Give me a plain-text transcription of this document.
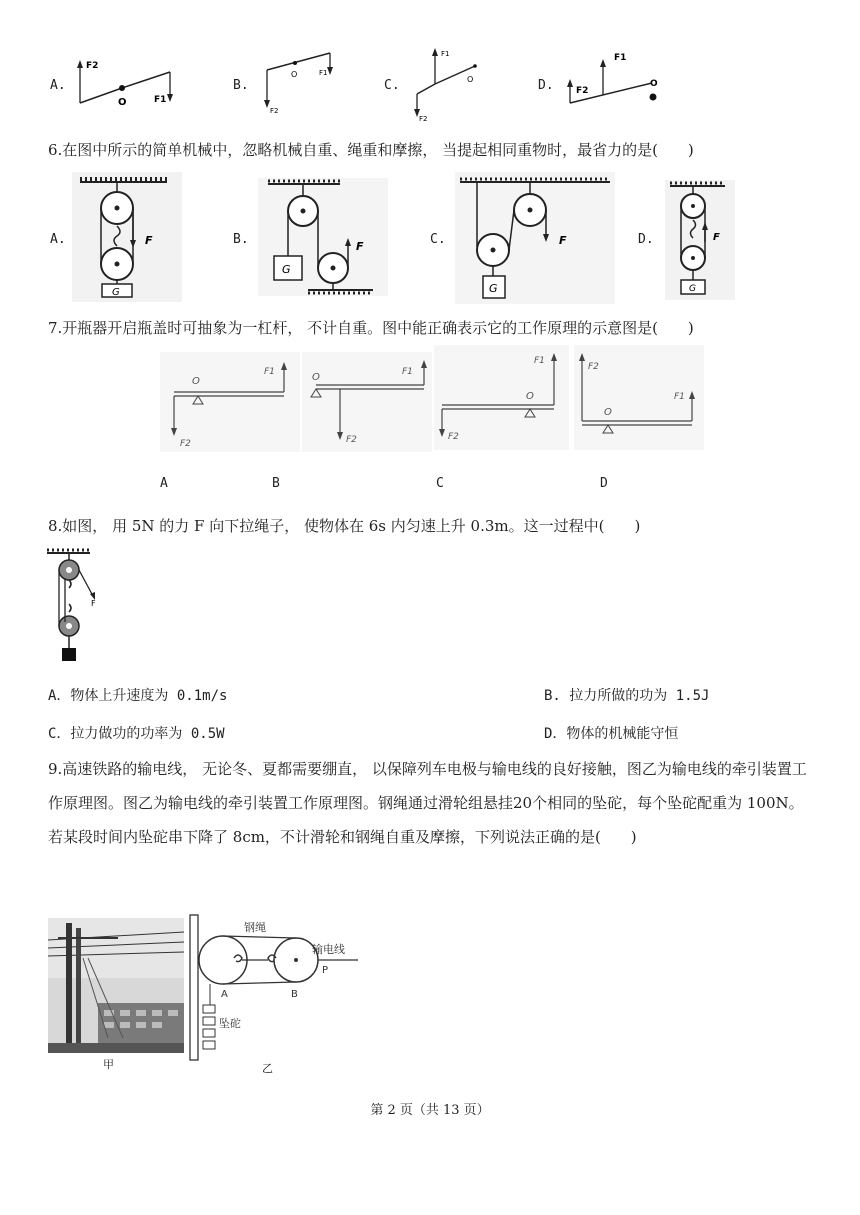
A.
F2
F1
O
B.
O	F1
F2
C.
F1
F2
O	D. F2
F1
O
6.在图中所示的简单机械中，忽略机械自重、绳重和摩擦， 当提起相同重物时，最省力的是(　　)
A.	F
G
B.
G
F	C.	F
G
D.	F
G
7.开瓶器开启瓶盖时可抽象为一杠杆， 不计自重。图中能正确表示它的工作原理的示意图是(　　)
O
F1
F2
O	F1
F2
O
F1
F2
O
F2
F1
A	B	C	D
8.如图， 用 5N 的力 F 向下拉绳子， 使物体在 6s 内匀速上升 0.3m。这一过程中(　　)
F
A．物体上升速度为 0.1m/s	B. 拉力所做的功为 1.5J
C．拉力做功的功率为 0.5W	D．物体的机械能守恒
9.高速铁路的输电线， 无论冬、夏都需要绷直， 以保障列车电极与输电线的良好接触，图乙为输电线的牵引装置工作原理图。图乙为输电线的牵引装置工作原理图。钢绳通过滑轮组悬挂20个相同的坠砣，每个坠砣配重为 100N。若某段时间内坠砣串下降了 8cm，不计滑轮和钢绳自重及摩擦，下列说法正确的是(　　)
甲
钢绳
输电线
P
A	B
坠砣
乙
第 2 页（共 13 页）
